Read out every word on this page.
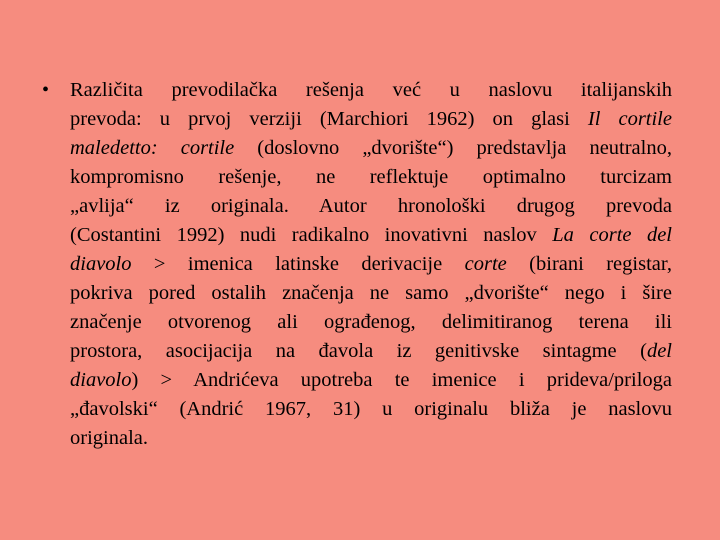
• Različita prevodilačka rešenja već u naslovu italijanskih
prevoda: u prvoj verziji (Marchiori 1962) on glasi Il cortile
maledetto: cortile (doslovno „dvorište“) predstavlja neutralno,
kompromisno rešenje, ne reflektuje optimalno turcizam
„avlija“ iz originala. Autor hronološki drugog prevoda
(Costantini 1992) nudi radikalno inovativni naslov La corte del
diavolo > imenica latinske derivacije corte (birani registar,
pokriva pored ostalih značenja ne samo „dvorište“ nego i šire
značenje otvorenog ali ograđenog, delimitiranog terena ili
prostora, asocijacija na đavola iz genitivske sintagme (del
diavolo) > Andrićeva upotreba te imenice i prideva/priloga
„đavolski“ (Andrić 1967, 31) u originalu bliža je naslovu
originala.
